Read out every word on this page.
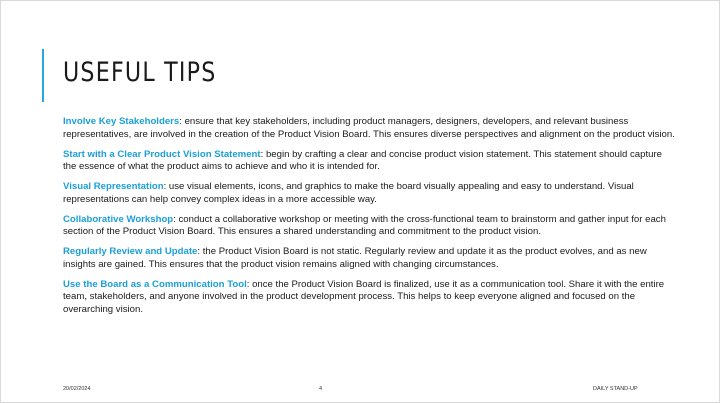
USEFUL TIPS
Involve Key Stakeholders: ensure that key stakeholders, including product managers, designers, developers, and relevant business representatives, are involved in the creation of the Product Vision Board. This ensures diverse perspectives and alignment on the product vision.
Start with a Clear Product Vision Statement: begin by crafting a clear and concise product vision statement. This statement should capture the essence of what the product aims to achieve and who it is intended for.
Visual Representation: use visual elements, icons, and graphics to make the board visually appealing and easy to understand. Visual representations can help convey complex ideas in a more accessible way.
Collaborative Workshop: conduct a collaborative workshop or meeting with the cross-functional team to brainstorm and gather input for each section of the Product Vision Board. This ensures a shared understanding and commitment to the product vision.
Regularly Review and Update: the Product Vision Board is not static. Regularly review and update it as the product evolves, and as new insights are gained. This ensures that the product vision remains aligned with changing circumstances.
Use the Board as a Communication Tool: once the Product Vision Board is finalized, use it as a communication tool. Share it with the entire team, stakeholders, and anyone involved in the product development process. This helps to keep everyone aligned and focused on the overarching vision.
20/02/2024	4	DAILY STAND-UP
